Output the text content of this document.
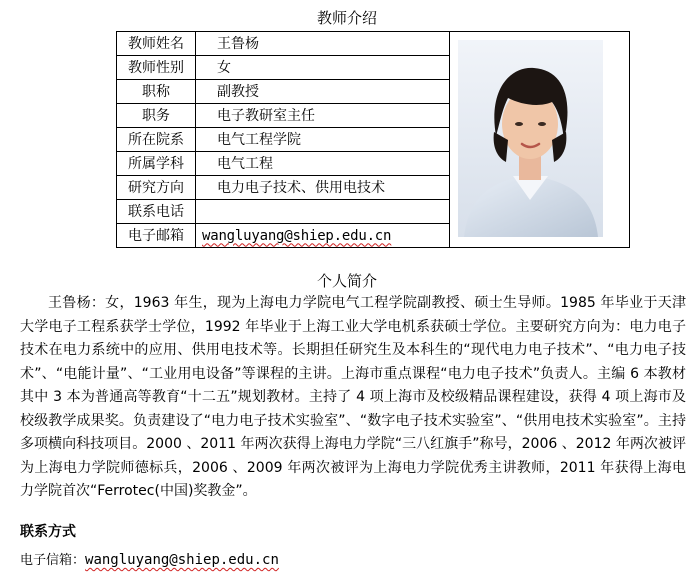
教师介绍
教师姓名	王鲁杨	

教师性别	女	
职称	副教授	
职务	电子教研室主任	
所在院系	电气工程学院	
所属学科	电气工程	
研究方向	电力电子技术、供用电技术	
联系电话		
电子邮箱	wangluyang@shiep.edu.cn	
个人简介

王鲁杨：女，1963 年生，现为上海电力学院电气工程学院副教授、硕士生导师。1985 年毕业于天津大学电子工程系获学士学位，1992 年毕业于上海工业大学电机系获硕士学位。主要研究方向为：电力电子技术在电力系统中的应用、供用电技术等。长期担任研究生及本科生的“现代电力电子技术”、“电力电子技术”、“电能计量”、“工业用电设备”等课程的主讲。上海市重点课程“电力电子技术”负责人。主编 6 本教材其中 3 本为普通高等教育“十二五”规划教材。主持了 4 项上海市及校级精品课程建设，获得 4 项上海市及校级教学成果奖。负责建设了“电力电子技术实验室”、“数字电子技术实验室”、“供用电技术实验室”。主持多项横向科技项目。2000 、2011 年两次获得上海电力学院“三八红旗手”称号，2006 、2012 年两次被评为上海电力学院师德标兵，2006 、2009 年两次被评为上海电力学院优秀主讲教师，2011 年获得上海电力学院首次“Ferrotec(中国)奖教金”。

联系方式
电子信箱：wangluyang@shiep.edu.cn
